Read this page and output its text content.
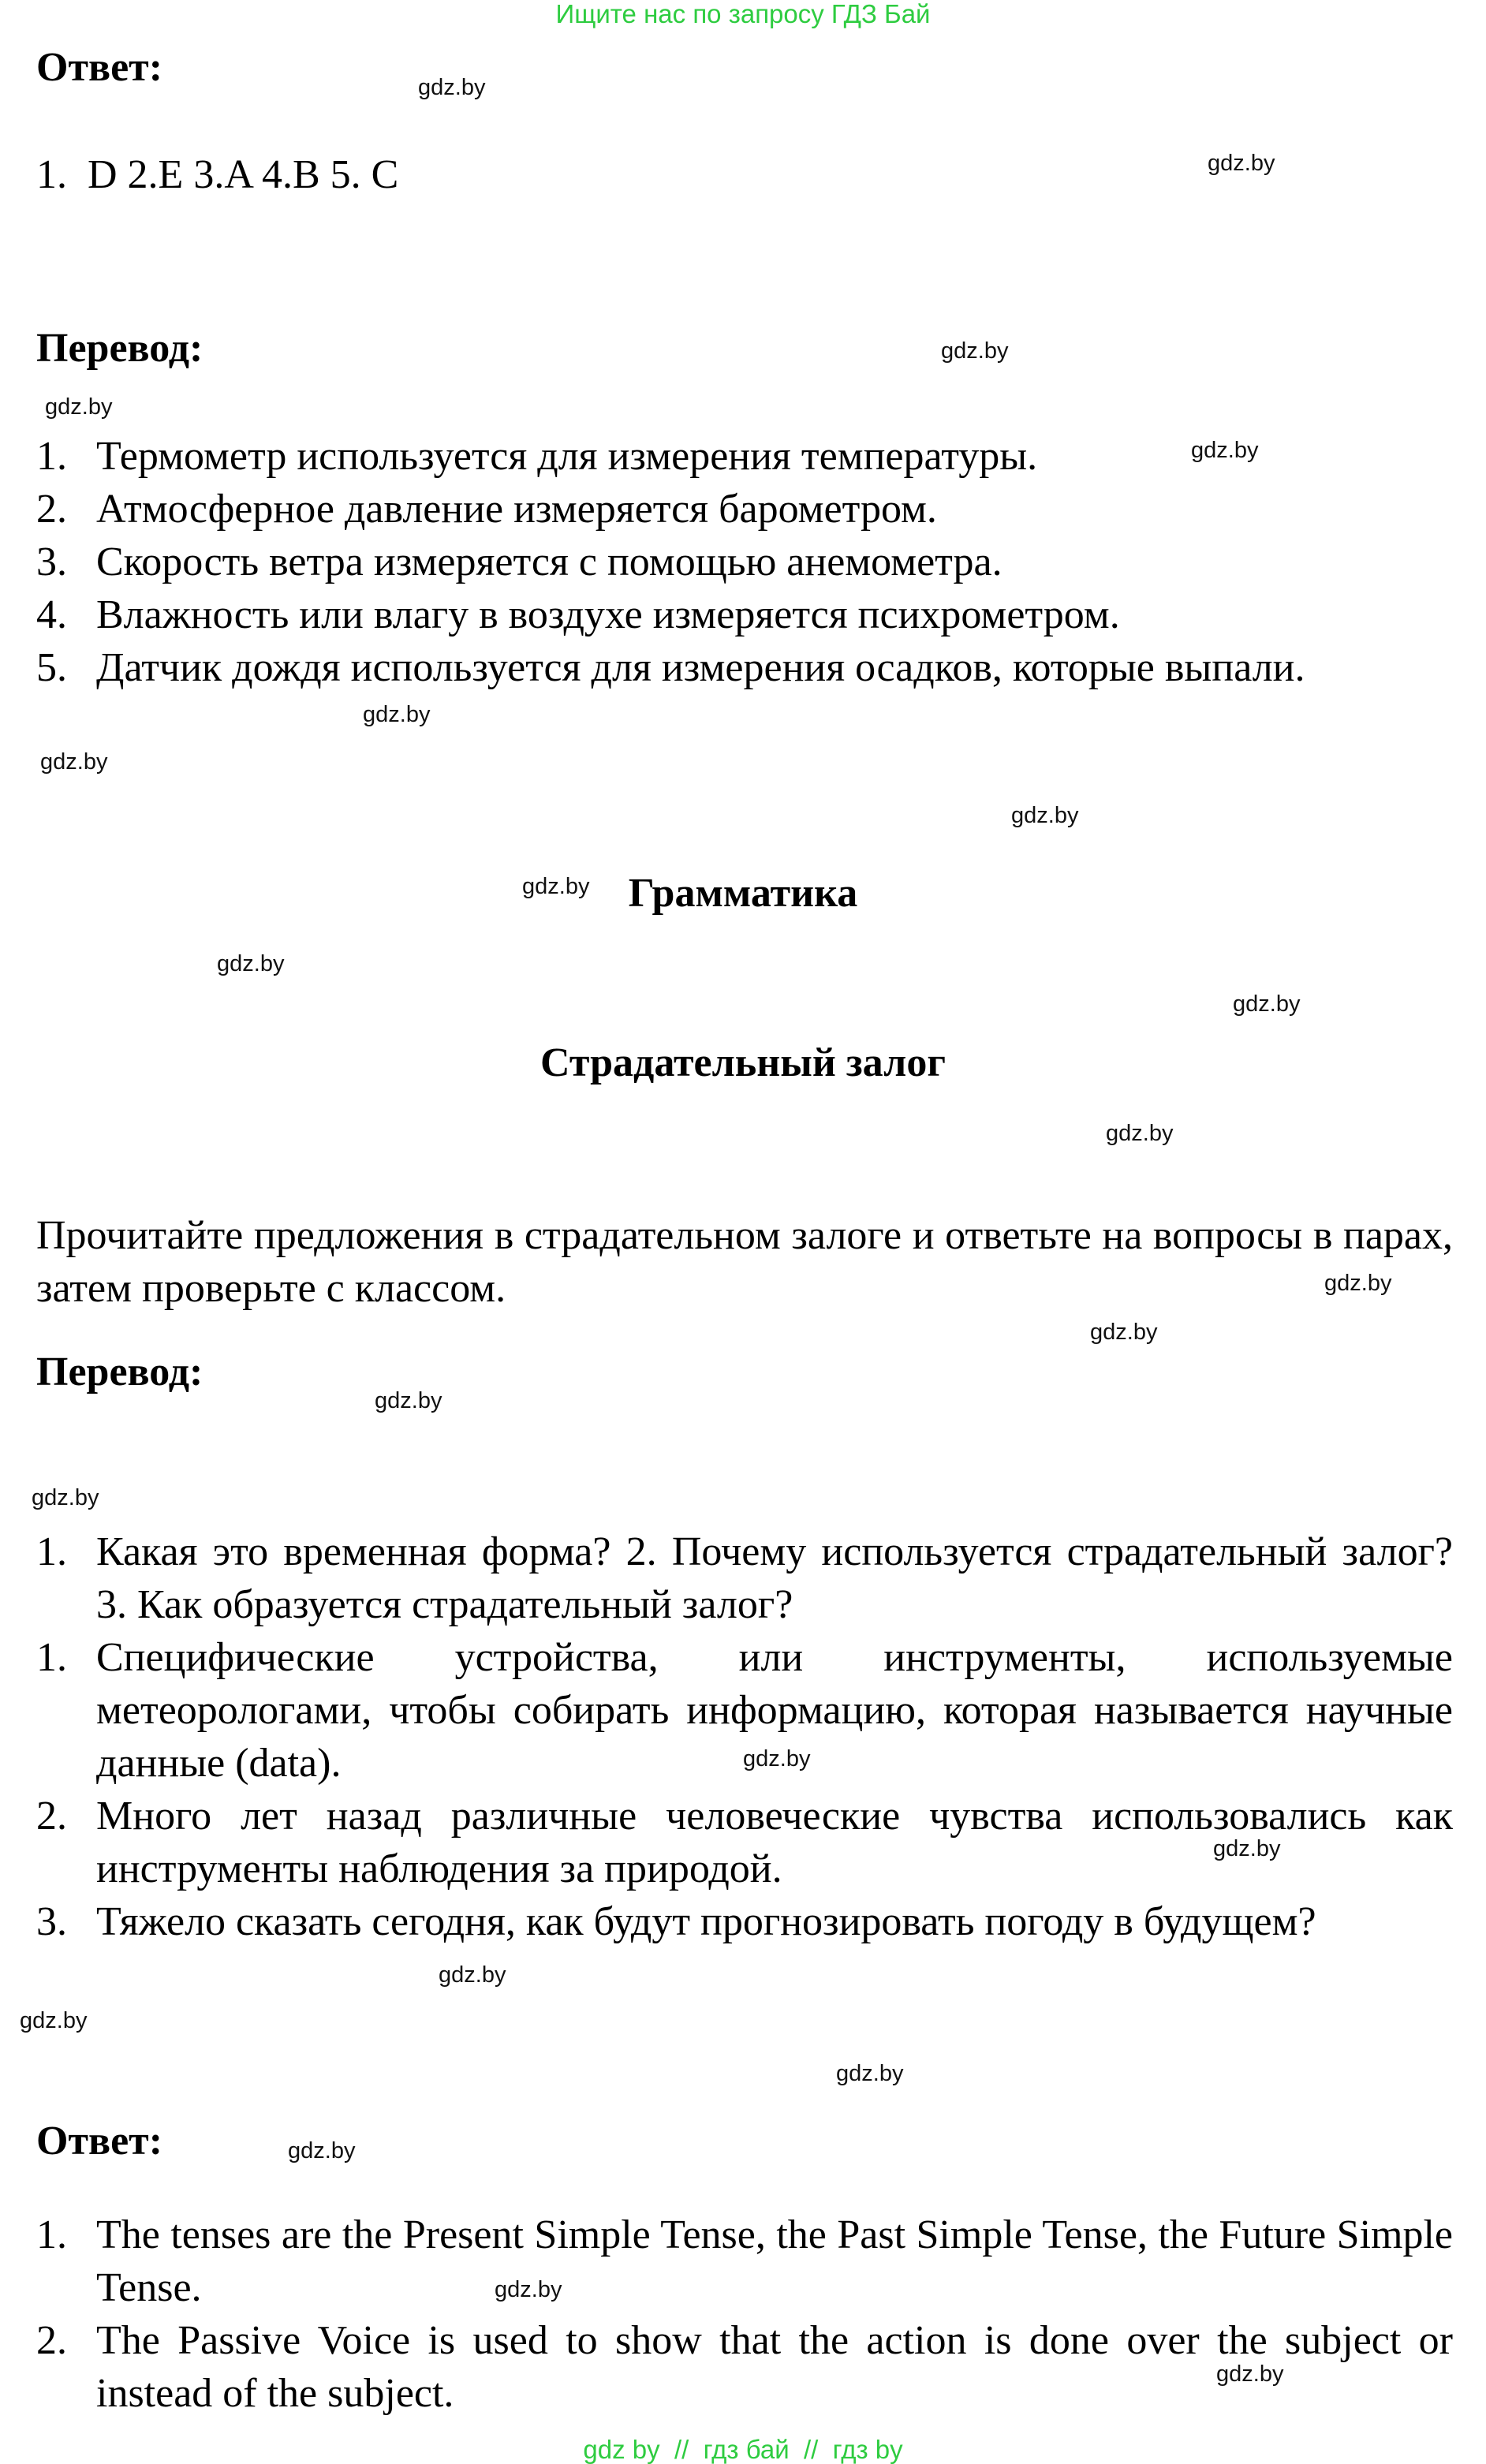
Ищите нас по запросу ГДЗ Бай
Ответ:
1. D 2.E 3.A 4.B 5. C
Перевод:
1. Термометр используется для измерения температуры.
2. Атмосферное давление измеряется барометром.
3. Скорость ветра измеряется с помощью анемометра.
4. Влажность или влагу в воздухе измеряется психрометром.
5. Датчик дождя используется для измерения осадков, которые выпали.
Грамматика
Страдательный залог

Прочитайте предложения в страдательном залоге и ответьте на вопросы в парах, затем проверьте с классом.

Перевод:
1. Какая это временная форма? 2. Почему используется страдательный залог? 3. Как образуется страдательный залог?
1. Специфические устройства, или инструменты, используемые метеорологами, чтобы собирать информацию, которая называется научные данные (data).
2. Много лет назад различные человеческие чувства использовались как инструменты наблюдения за природой.
3. Тяжело сказать сегодня, как будут прогнозировать погоду в будущем?
Ответ:
1. The tenses are the Present Simple Tense, the Past Simple Tense, the Future Simple Tense.
2. The Passive Voice is used to show that the action is done over the subject or instead of the subject.
gdz.by
gdz.by
gdz.by
gdz.by
gdz.by
gdz.by
gdz.by
gdz.by
gdz.by
gdz.by
gdz.by
gdz.by
gdz.by
gdz.by
gdz.by
gdz.by
gdz.by
gdz.by
gdz.by
gdz.by
gdz.by
gdz.by
gdz.by
gdz.by
gdz by  //  гдз бай  //  гдз by
